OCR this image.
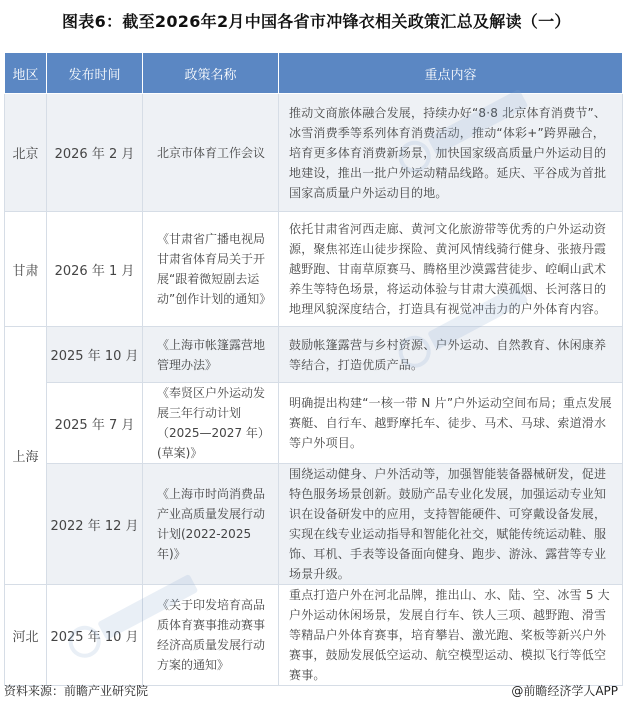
图表6：截至2026年2月中国各省市冲锋衣相关政策汇总及解读（一）
地区	发布时间	政策名称	重点内容
北京	2026 年 2 月	北京市体育工作会议	推动文商旅体融合发展，持续办好“8·8 北京体育消费节”、冰雪消费季等系列体育消费活动，推动“体彩+”跨界融合，培育更多体育消费新场景，加快国家级高质量户外运动目的地建设，推出一批户外运动精品线路。延庆、平谷成为首批国家高质量户外运动目的地。
甘肃	2026 年 1 月	《甘肃省广播电视局甘肃省体育局关于开展“跟着微短剧去运动”创作计划的通知》	依托甘肃省河西走廊、黄河文化旅游带等优秀的户外运动资源，聚焦祁连山徒步探险、黄河风情线骑行健身、张掖丹霞越野跑、甘南草原赛马、腾格里沙漠露营徒步、崆峒山武术养生等特色场景，将运动体验与甘肃大漠孤烟、长河落日的地理风貌深度结合，打造具有视觉冲击力的户外体育内容。
上海	2025 年 10 月	《上海市帐篷露营地管理办法》	鼓励帐篷露营与乡村资源、户外运动、自然教育、休闲康养等结合，打造优质产品。
	2025 年 7 月	《奉贤区户外运动发展三年行动计划（2025—2027 年）(草案)》	明确提出构建“一核一带 N 片”户外运动空间布局；重点发展赛艇、自行车、越野摩托车、徒步、马术、马球、索道滑水等户外项目。
	2022 年 12 月	《上海市时尚消费品产业高质量发展行动计划(2022-2025 年)》	围绕运动健身、户外活动等，加强智能装备器械研发，促进特色服务场景创新。鼓励产品专业化发展，加强运动专业知识在设备研发中的应用，支持智能硬件、可穿戴设备发展，实现在线专业运动指导和智能化社交，赋能传统运动鞋、服饰、耳机、手表等设备面向健身、跑步、游泳、露营等专业场景升级。
河北	2025 年 10 月	《关于印发培育高品质体育赛事推动赛事经济高质量发展行动方案的通知》	重点打造户外在河北品牌，推出山、水、陆、空、冰雪 5 大户外运动休闲场景，发展自行车、铁人三项、越野跑、滑雪等精品户外体育赛事，培育攀岩、激光跑、桨板等新兴户外赛事，鼓励发展低空运动、航空模型运动、模拟飞行等低空赛事。
资料来源：前瞻产业研究院	@前瞻经济学人APP
